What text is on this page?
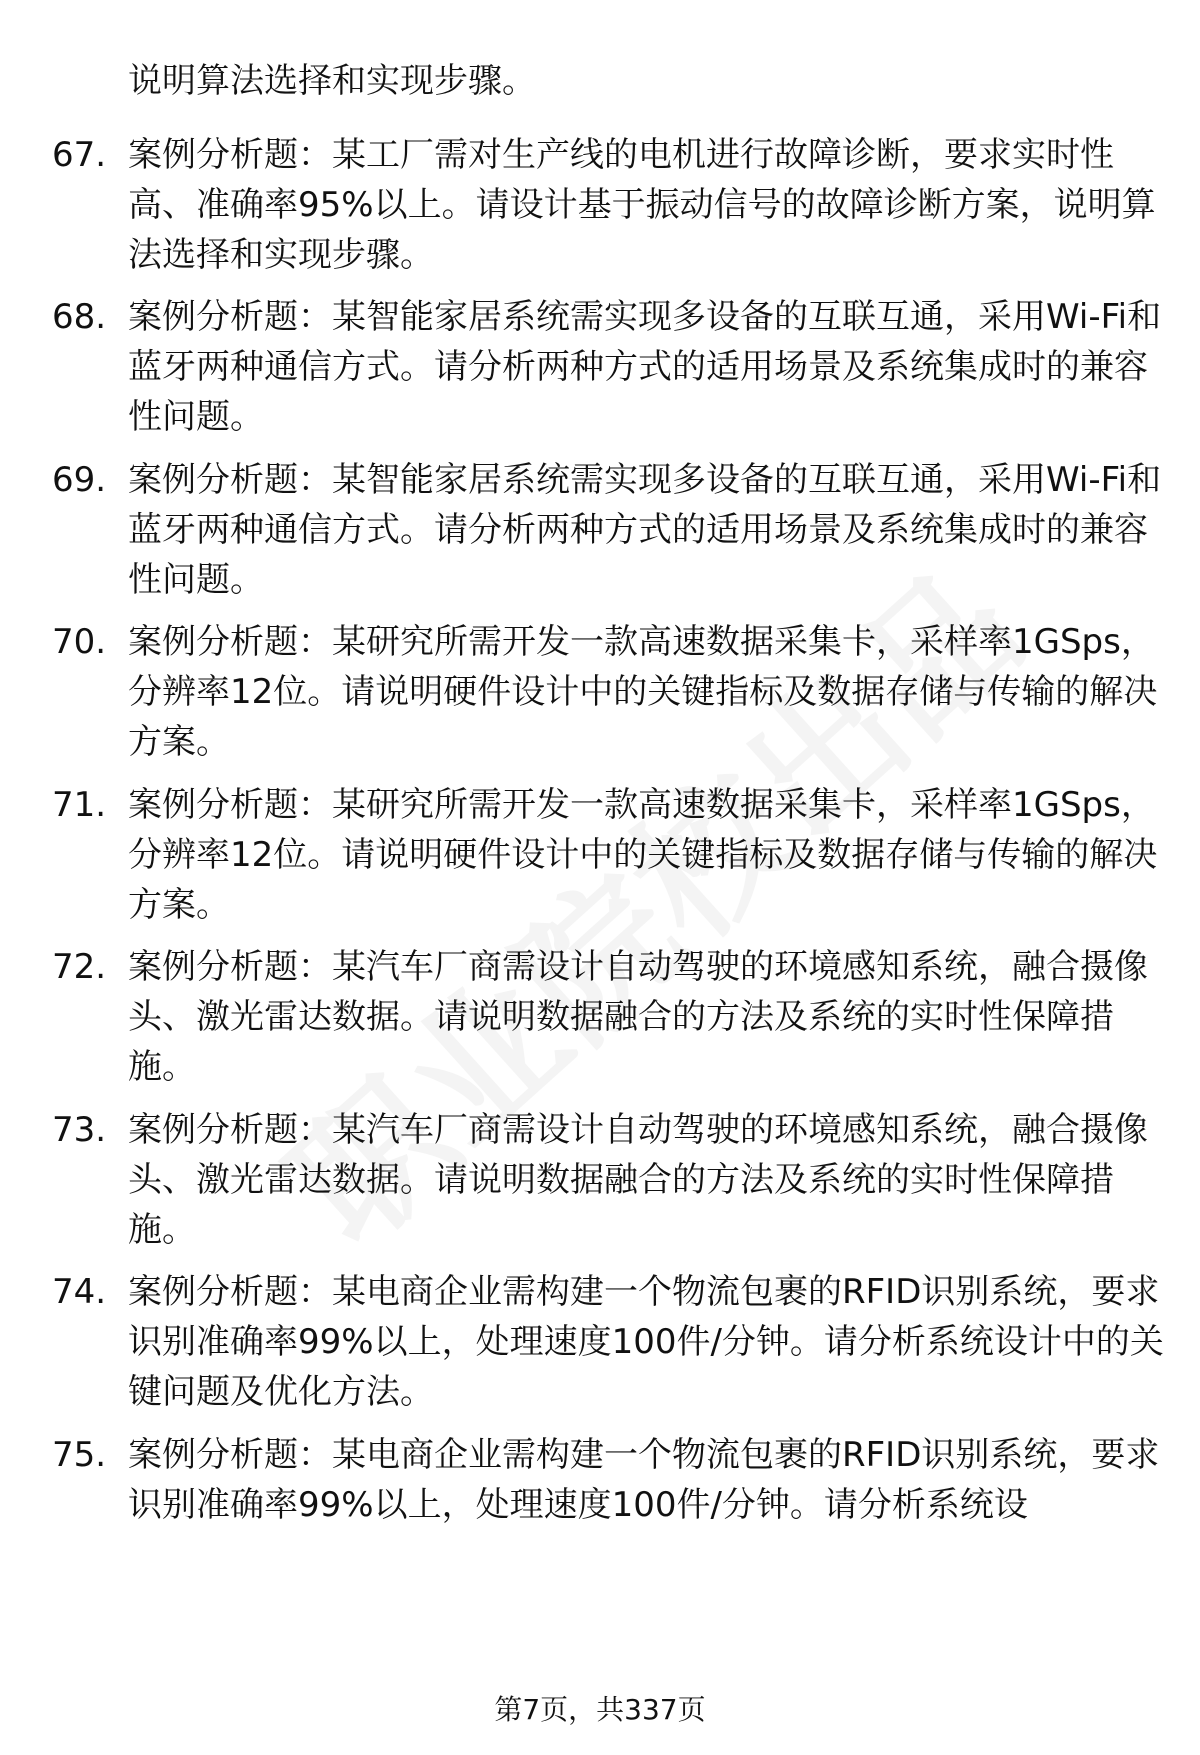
说明算法选择和实现步骤。
67. 案例分析题：某工厂需对生产线的电机进行故障诊断，要求实时性高、准确率95%以上。请设计基于振动信号的故障诊断方案，说明算法选择和实现步骤。
68. 案例分析题：某智能家居系统需实现多设备的互联互通，采用Wi-Fi和蓝牙两种通信方式。请分析两种方式的适用场景及系统集成时的兼容性问题。
69. 案例分析题：某智能家居系统需实现多设备的互联互通，采用Wi-Fi和蓝牙两种通信方式。请分析两种方式的适用场景及系统集成时的兼容性问题。
70. 案例分析题：某研究所需开发一款高速数据采集卡，采样率1GSps，分辨率12位。请说明硬件设计中的关键指标及数据存储与传输的解决方案。
71. 案例分析题：某研究所需开发一款高速数据采集卡，采样率1GSps，分辨率12位。请说明硬件设计中的关键指标及数据存储与传输的解决方案。
72. 案例分析题：某汽车厂商需设计自动驾驶的环境感知系统，融合摄像头、激光雷达数据。请说明数据融合的方法及系统的实时性保障措施。
73. 案例分析题：某汽车厂商需设计自动驾驶的环境感知系统，融合摄像头、激光雷达数据。请说明数据融合的方法及系统的实时性保障措施。
74. 案例分析题：某电商企业需构建一个物流包裹的RFID识别系统，要求识别准确率99%以上，处理速度100件/分钟。请分析系统设计中的关键问题及优化方法。
75. 案例分析题：某电商企业需构建一个物流包裹的RFID识别系统，要求识别准确率99%以上，处理速度100件/分钟。请分析系统设
第7页，共337页
